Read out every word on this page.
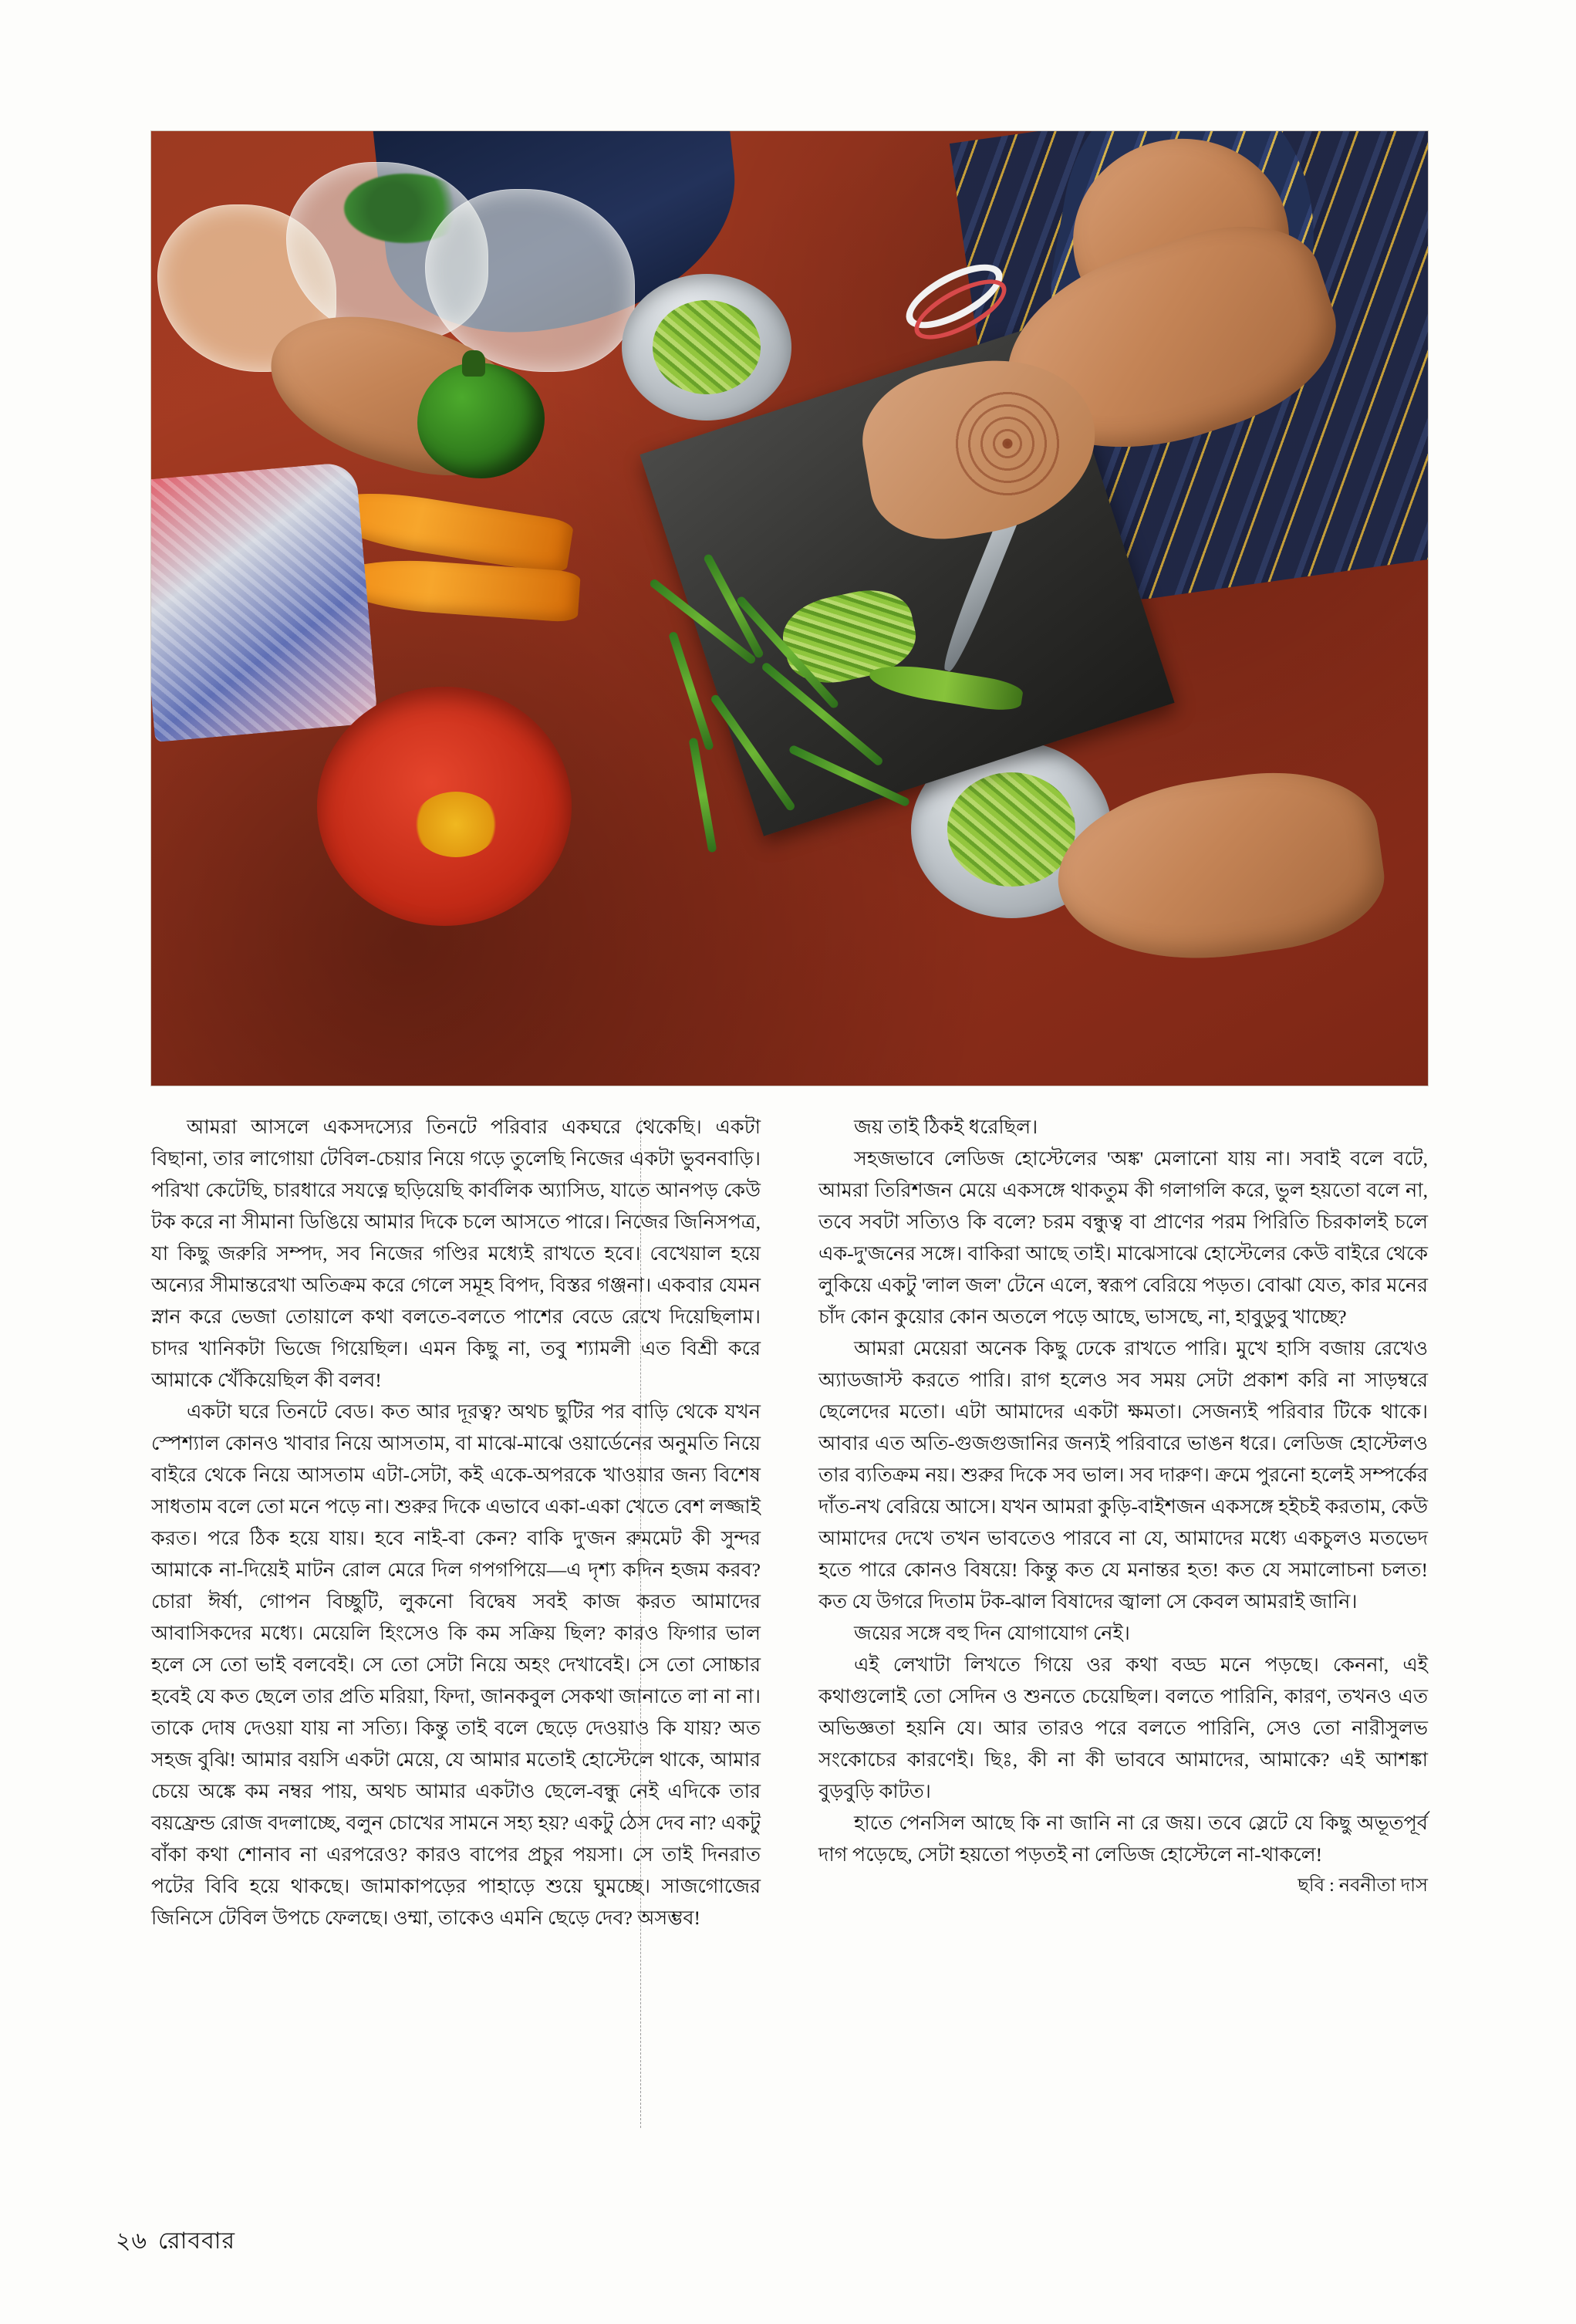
আমরা আসলে একসদস্যের তিনটে পরিবার একঘরে থেকেছি। একটা বিছানা, তার লাগোয়া টেবিল-চেয়ার নিয়ে গড়ে তুলেছি নিজের একটা ভুবনবাড়ি। পরিখা কেটেছি, চারধারে সযত্নে ছড়িয়েছি কার্বলিক অ্যাসিড, যাতে আনপড় কেউ টক করে না সীমানা ডিঙিয়ে আমার দিকে চলে আসতে পারে। নিজের জিনিসপত্র, যা কিছু জরুরি সম্পদ, সব নিজের গণ্ডির মধ্যেই রাখতে হবে। বেখেয়াল হয়ে অন্যের সীমান্তরেখা অতিক্রম করে গেলে সমূহ বিপদ, বিস্তর গঞ্জনা। একবার যেমন স্নান করে ভেজা তোয়ালে কথা বলতে-বলতে পাশের বেডে রেখে দিয়েছিলাম। চাদর খানিকটা ভিজে গিয়েছিল। এমন কিছু না, তবু শ্যামলী এত বিশ্রী করে আমাকে খেঁকিয়েছিল কী বলব!

একটা ঘরে তিনটে বেড। কত আর দূরত্ব? অথচ ছুটির পর বাড়ি থেকে যখন স্পেশ্যাল কোনও খাবার নিয়ে আসতাম, বা মাঝে-মাঝে ওয়ার্ডেনের অনুমতি নিয়ে বাইরে থেকে নিয়ে আসতাম এটা-সেটা, কই একে-অপরকে খাওয়ার জন্য বিশেষ সাধতাম বলে তো মনে পড়ে না। শুরুর দিকে এভাবে একা-একা খেতে বেশ লজ্জাই করত। পরে ঠিক হয়ে যায়। হবে নাই-বা কেন? বাকি দু'জন রুমমেট কী সুন্দর আমাকে না-দিয়েই মাটন রোল মেরে দিল গপগপিয়ে—এ দৃশ্য কদিন হজম করব? চোরা ঈর্ষা, গোপন বিচ্ছুটি, লুকনো বিদ্বেষ সবই কাজ করত আমাদের আবাসিকদের মধ্যে। মেয়েলি হিংসেও কি কম সক্রিয় ছিল? কারও ফিগার ভাল হলে সে তো ভাই বলবেই। সে তো সেটা নিয়ে অহং দেখাবেই। সে তো সোচ্চার হবেই যে কত ছেলে তার প্রতি মরিয়া, ফিদা, জানকবুল সেকথা জানাতে লা না না। তাকে দোষ দেওয়া যায় না সত্যি। কিন্তু তাই বলে ছেড়ে দেওয়াও কি যায়? অত সহজ বুঝি! আমার বয়সি একটা মেয়ে, যে আমার মতোই হোস্টেলে থাকে, আমার চেয়ে অঙ্কে কম নম্বর পায়, অথচ আমার একটাও ছেলে-বন্ধু নেই এদিকে তার বয়ফ্রেন্ড রোজ বদলাচ্ছে, বলুন চোখের সামনে সহ্য হয়? একটু ঠেস দেব না? একটু বাঁকা কথা শোনাব না এরপরেও? কারও বাপের প্রচুর পয়সা। সে তাই দিনরাত পটের বিবি হয়ে থাকছে। জামাকাপড়ের পাহাড়ে শুয়ে ঘুমচ্ছে। সাজগোজের জিনিসে টেবিল উপচে ফেলছে। ওম্মা, তাকেও এমনি ছেড়ে দেব? অসম্ভব!

জয় তাই ঠিকই ধরেছিল।

সহজভাবে লেডিজ হোস্টেলের 'অঙ্ক' মেলানো যায় না। সবাই বলে বটে, আমরা তিরিশজন মেয়ে একসঙ্গে থাকতুম কী গলাগলি করে, ভুল হয়তো বলে না, তবে সবটা সত্যিও কি বলে? চরম বন্ধুত্ব বা প্রাণের পরম পিরিতি চিরকালই চলে এক-দু'জনের সঙ্গে। বাকিরা আছে তাই। মাঝেসাঝে হোস্টেলের কেউ বাইরে থেকে লুকিয়ে একটু 'লাল জল' টেনে এলে, স্বরূপ বেরিয়ে পড়ত। বোঝা যেত, কার মনের চাঁদ কোন কুয়োর কোন অতলে পড়ে আছে, ভাসছে, না, হাবুডুবু খাচ্ছে?

আমরা মেয়েরা অনেক কিছু ঢেকে রাখতে পারি। মুখে হাসি বজায় রেখেও অ্যাডজাস্ট করতে পারি। রাগ হলেও সব সময় সেটা প্রকাশ করি না সাড়ম্বরে ছেলেদের মতো। এটা আমাদের একটা ক্ষমতা। সেজন্যই পরিবার টিকে থাকে। আবার এত অতি-গুজগুজানির জন্যই পরিবারে ভাঙন ধরে। লেডিজ হোস্টেলও তার ব্যতিক্রম নয়। শুরুর দিকে সব ভাল। সব দারুণ। ক্রমে পুরনো হলেই সম্পর্কের দাঁত-নখ বেরিয়ে আসে। যখন আমরা কুড়ি-বাইশজন একসঙ্গে হইচই করতাম, কেউ আমাদের দেখে তখন ভাবতেও পারবে না যে, আমাদের মধ্যে একচুলও মতভেদ হতে পারে কোনও বিষয়ে! কিন্তু কত যে মনান্তর হত! কত যে সমালোচনা চলত! কত যে উগরে দিতাম টক-ঝাল বিষাদের জ্বালা সে কেবল আমরাই জানি।

জয়ের সঙ্গে বহু দিন যোগাযোগ নেই।

এই লেখাটা লিখতে গিয়ে ওর কথা বড্ড মনে পড়ছে। কেননা, এই কথাগুলোই তো সেদিন ও শুনতে চেয়েছিল। বলতে পারিনি, কারণ, তখনও এত অভিজ্ঞতা হয়নি যে। আর তারও পরে বলতে পারিনি, সেও তো নারীসুলভ সংকোচের কারণেই। ছিঃ, কী না কী ভাববে আমাদের, আমাকে? এই আশঙ্কা বুড়বুড়ি কাটত।

হাতে পেনসিল আছে কি না জানি না রে জয়। তবে স্লেটে যে কিছু অভূতপূর্ব দাগ পড়েছে, সেটা হয়তো পড়তই না লেডিজ হোস্টেলে না-থাকলে!

ছবি : নবনীতা দাস

২৬ রোববার
